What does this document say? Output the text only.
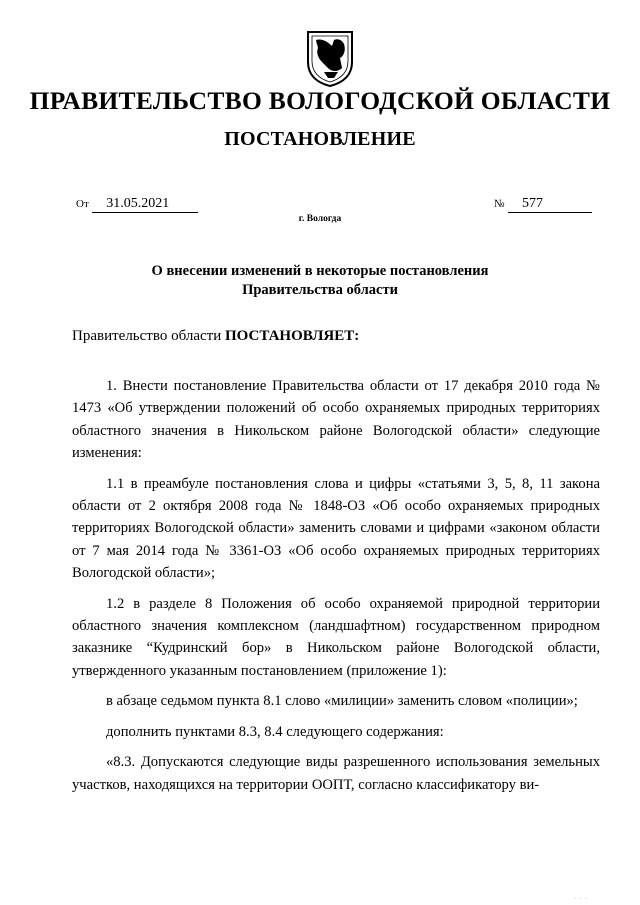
ПРАВИТЕЛЬСТВО ВОЛОГОДСКОЙ ОБЛАСТИ
ПОСТАНОВЛЕНИЕ
От 31.05.2021	№ 577
г. Вологда
О внесении изменений в некоторые постановления
Правительства области
Правительство области ПОСТАНОВЛЯЕТ:

1. Внести постановление Правительства области от 17 декабря 2010 года № 1473 «Об утверждении положений об особо охраняемых природных территориях областного значения в Никольском районе Вологодской области» следующие изменения:

1.1 в преамбуле постановления слова и цифры «статьями 3, 5, 8, 11 закона области от 2 октября 2008 года № 1848-ОЗ «Об особо охраняемых природных территориях Вологодской области» заменить словами и цифрами «законом области от 7 мая 2014 года № 3361-ОЗ «Об особо охраняемых природных территориях Вологодской области»;

1.2 в разделе 8 Положения об особо охраняемой природной территории областного значения комплексном (ландшафтном) государственном природном заказнике “Кудринский бор» в Никольском районе Вологодской области, утвержденного указанным постановлением (приложение 1):

в абзаце седьмом пункта 8.1 слово «милиции» заменить словом «полиции»;

дополнить пунктами 8.3, 8.4 следующего содержания:

«8.3. Допускаются следующие виды разрешенного использования земельных участков, находящихся на территории ООПТ, согласно классификатору ви-

· · ·
